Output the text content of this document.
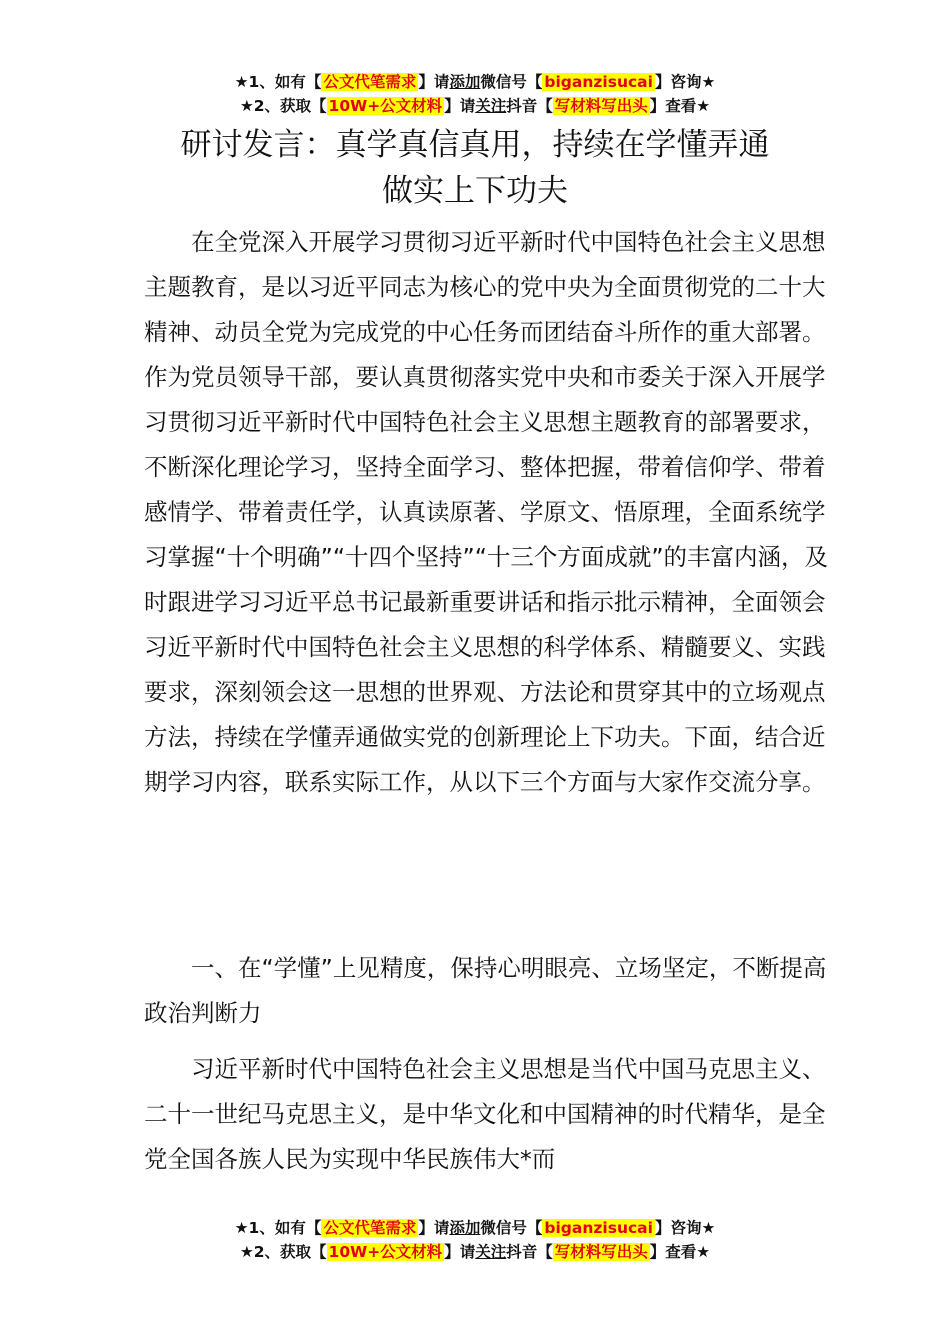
★1、如有【 公文代笔需求 】请添加微信号【 biganzisucai 】咨询★
★2、获取【 10W+公文材料 】请关注抖音【 写材料写出头 】查看★
研讨发言：真学真信真用，持续在学懂弄通
做实上下功夫

在全党深入开展学习贯彻习近平新时代中国特色社会主义思想主题教育，是以习近平同志为核心的党中央为全面贯彻党的二十大精神、动员全党为完成党的中心任务而团结奋斗所作的重大部署。作为党员领导干部，要认真贯彻落实党中央和市委关于深入开展学习贯彻习近平新时代中国特色社会主义思想主题教育的部署要求，不断深化理论学习，坚持全面学习、整体把握，带着信仰学、带着感情学、带着责任学，认真读原著、学原文、悟原理，全面系统学习掌握“十个明确”“十四个坚持”“十三个方面成就”的丰富内涵，及时跟进学习习近平总书记最新重要讲话和指示批示精神，全面领会习近平新时代中国特色社会主义思想的科学体系、精髓要义、实践要求，深刻领会这一思想的世界观、方法论和贯穿其中的立场观点方法，持续在学懂弄通做实党的创新理论上下功夫。下面，结合近期学习内容，联系实际工作，从以下三个方面与大家作交流分享。

一、在“学懂”上见精度，保持心明眼亮、立场坚定，不断提高政治判断力

习近平新时代中国特色社会主义思想是当代中国马克思主义、二十一世纪马克思主义，是中华文化和中国精神的时代精华，是全党全国各族人民为实现中华民族伟大*而

★1、如有【 公文代笔需求 】请添加微信号【 biganzisucai 】咨询★
★2、获取【 10W+公文材料 】请关注抖音【 写材料写出头 】查看★
